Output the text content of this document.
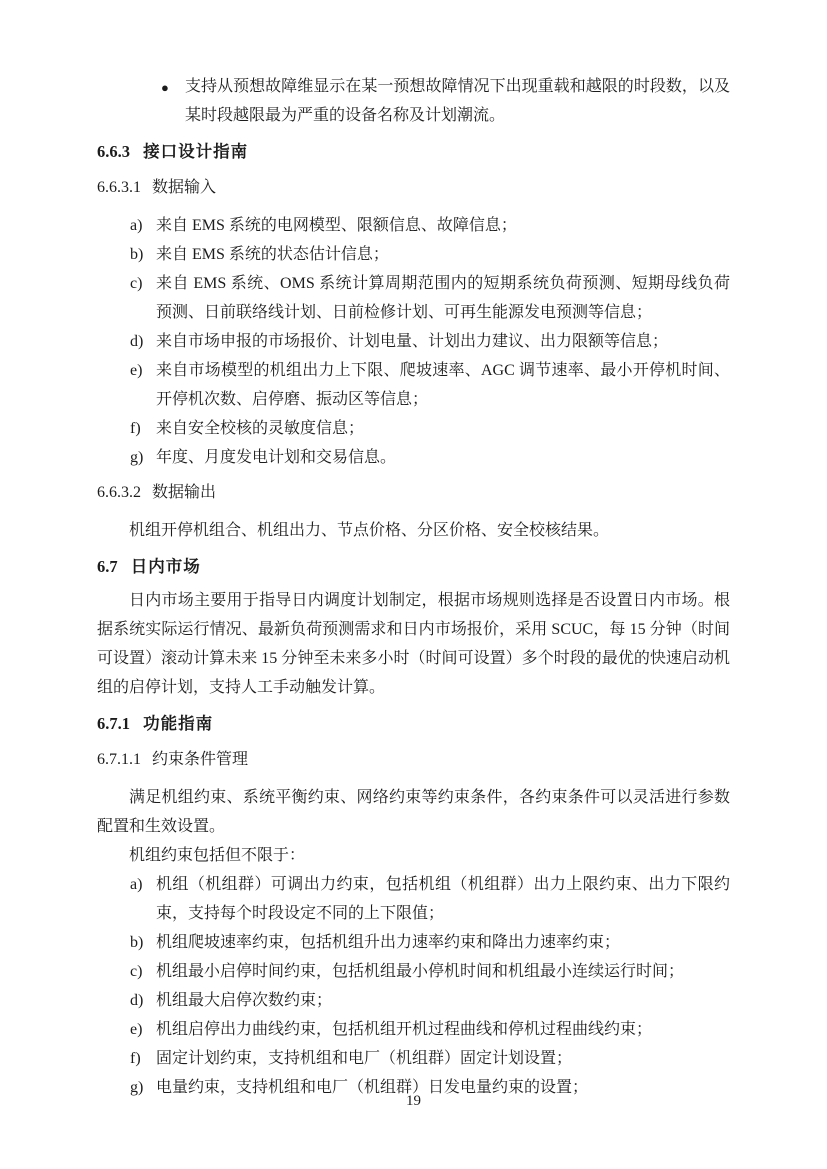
● 支持从预想故障维显示在某一预想故障情况下出现重载和越限的时段数，以及某时段越限最为严重的设备名称及计划潮流。
6.6.3 接口设计指南
6.6.3.1 数据输入
a) 来自 EMS 系统的电网模型、限额信息、故障信息；
b) 来自 EMS 系统的状态估计信息；
c) 来自 EMS 系统、OMS 系统计算周期范围内的短期系统负荷预测、短期母线负荷预测、日前联络线计划、日前检修计划、可再生能源发电预测等信息；
d) 来自市场申报的市场报价、计划电量、计划出力建议、出力限额等信息；
e) 来自市场模型的机组出力上下限、爬坡速率、AGC 调节速率、最小开停机时间、开停机次数、启停磨、振动区等信息；
f) 来自安全校核的灵敏度信息；
g) 年度、月度发电计划和交易信息。
6.6.3.2 数据输出

机组开停机组合、机组出力、节点价格、分区价格、安全校核结果。

6.7 日内市场

日内市场主要用于指导日内调度计划制定，根据市场规则选择是否设置日内市场。根据系统实际运行情况、最新负荷预测需求和日内市场报价，采用 SCUC，每 15 分钟（时间可设置）滚动计算未来 15 分钟至未来多小时（时间可设置）多个时段的最优的快速启动机组的启停计划，支持人工手动触发计算。

6.7.1 功能指南
6.7.1.1 约束条件管理

满足机组约束、系统平衡约束、网络约束等约束条件，各约束条件可以灵活进行参数配置和生效设置。

机组约束包括但不限于：

a) 机组（机组群）可调出力约束，包括机组（机组群）出力上限约束、出力下限约束，支持每个时段设定不同的上下限值；
b) 机组爬坡速率约束，包括机组升出力速率约束和降出力速率约束；
c) 机组最小启停时间约束，包括机组最小停机时间和机组最小连续运行时间；
d) 机组最大启停次数约束；
e) 机组启停出力曲线约束，包括机组开机过程曲线和停机过程曲线约束；
f) 固定计划约束，支持机组和电厂（机组群）固定计划设置；
g) 电量约束，支持机组和电厂（机组群）日发电量约束的设置；
19
